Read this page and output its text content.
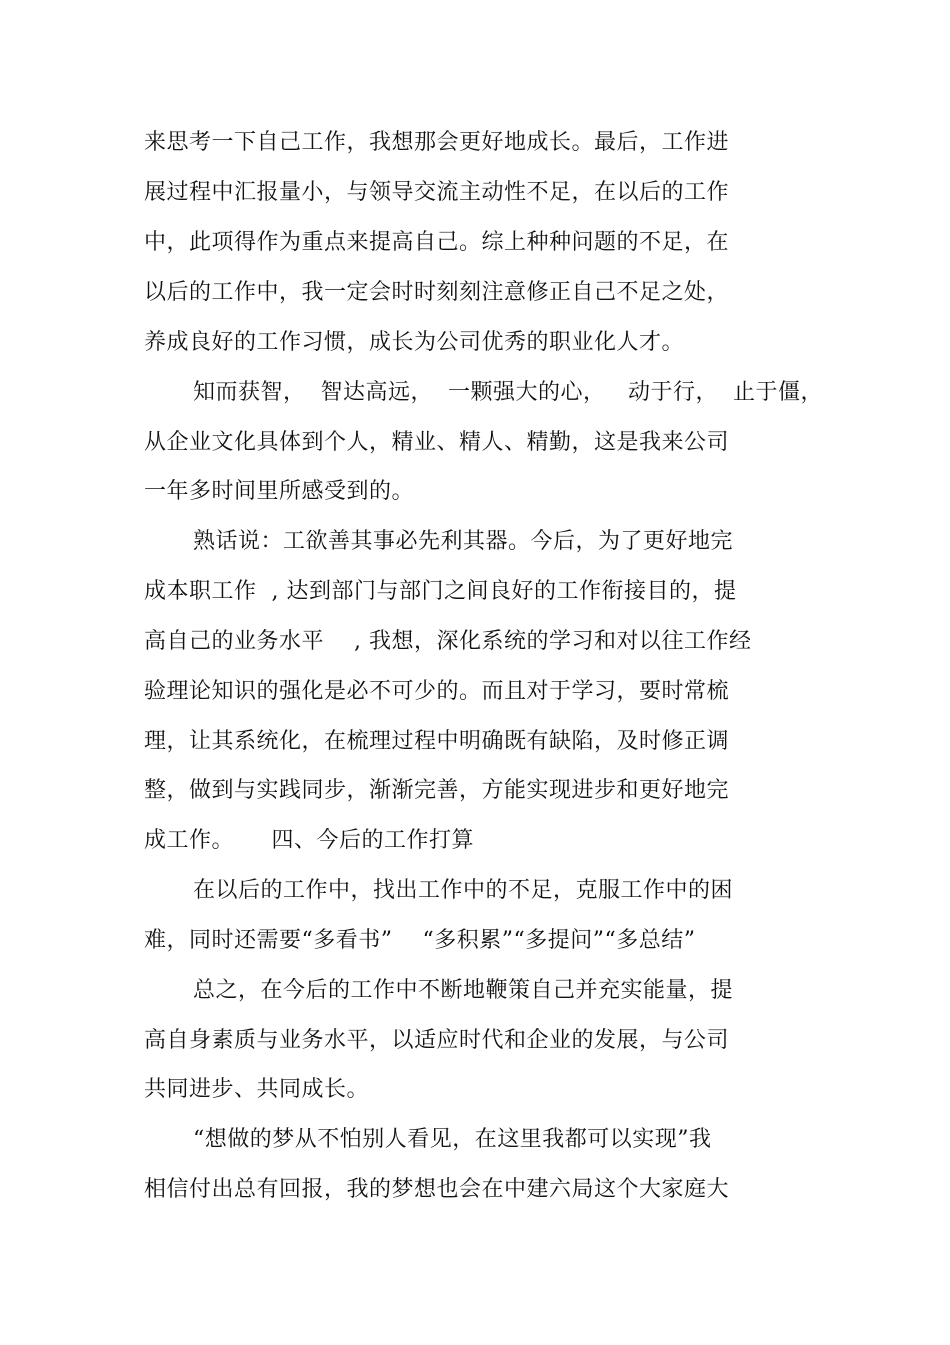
来思考一下自己工作，我想那会更好地成长。最后，工作进
展过程中汇报量小，与领导交流主动性不足，在以后的工作
中，此项得作为重点来提高自己。综上种种问题的不足，在
以后的工作中，我一定会时时刻刻注意修正自己不足之处，
养成良好的工作习惯，成长为公司优秀的职业化人才。
知而获智，  智达高远，  一颗强大的心，   动于行，  止于僵，
从企业文化具体到个人，精业、精人、精勤，这是我来公司
一年多时间里所感受到的。
熟话说：工欲善其事必先利其器。今后，为了更好地完
成本职工作  , 达到部门与部门之间良好的工作衔接目的，提
高自己的业务水平    , 我想，深化系统的学习和对以往工作经
验理论知识的强化是必不可少的。而且对于学习，要时常梳
理，让其系统化，在梳理过程中明确既有缺陷，及时修正调
整，做到与实践同步，渐渐完善，方能实现进步和更好地完
成工作。     四、今后的工作打算
在以后的工作中，找出工作中的不足，克服工作中的困
难，同时还需要“多看书”    “多积累”“多提问”“多总结”
总之，在今后的工作中不断地鞭策自己并充实能量，提
高自身素质与业务水平，以适应时代和企业的发展，与公司
共同进步、共同成长。
“想做的梦从不怕别人看见，在这里我都可以实现”我
相信付出总有回报，我的梦想也会在中建六局这个大家庭大
